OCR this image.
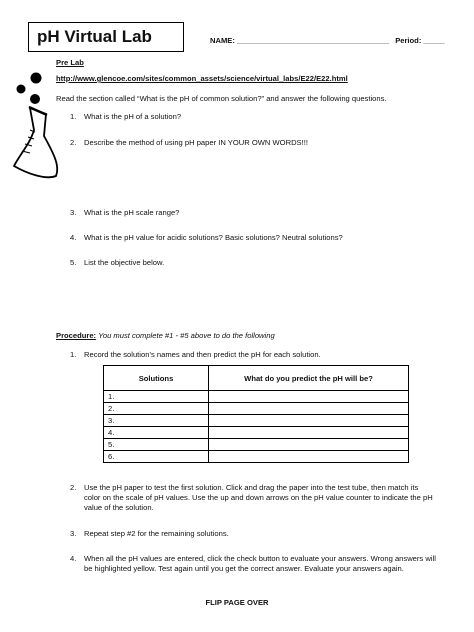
pH Virtual Lab	NAME: ____________________________________ Period: _____
Pre Lab
http://www.glencoe.com/sites/common_assets/science/virtual_labs/E22/E22.html
Read the section called “What is the pH of common solution?” and answer the following questions.
1. What is the pH of a solution?
2. Describe the method of using pH paper IN YOUR OWN WORDS!!!
3. What is the pH scale range?
4. What is the pH value for acidic solutions? Basic solutions? Neutral solutions?
5. List the objective below.
Procedure: You must complete #1 - #5 above to do the following
1. Record the solution’s names and then predict the pH for each solution.
Solutions	What do you predict the pH will be?
1.	
2.	
3.	
4.	
5.	
6.	
2. Use the pH paper to test the first solution. Click and drag the paper into the test tube, then match its color on the scale of pH values. Use the up and down arrows on the pH value counter to indicate the pH value of the solution.
3. Repeat step #2 for the remaining solutions.
4. When all the pH values are entered, click the check button to evaluate your answers. Wrong answers will be highlighted yellow. Test again until you get the correct answer. Evaluate your answers again.
FLIP PAGE OVER
